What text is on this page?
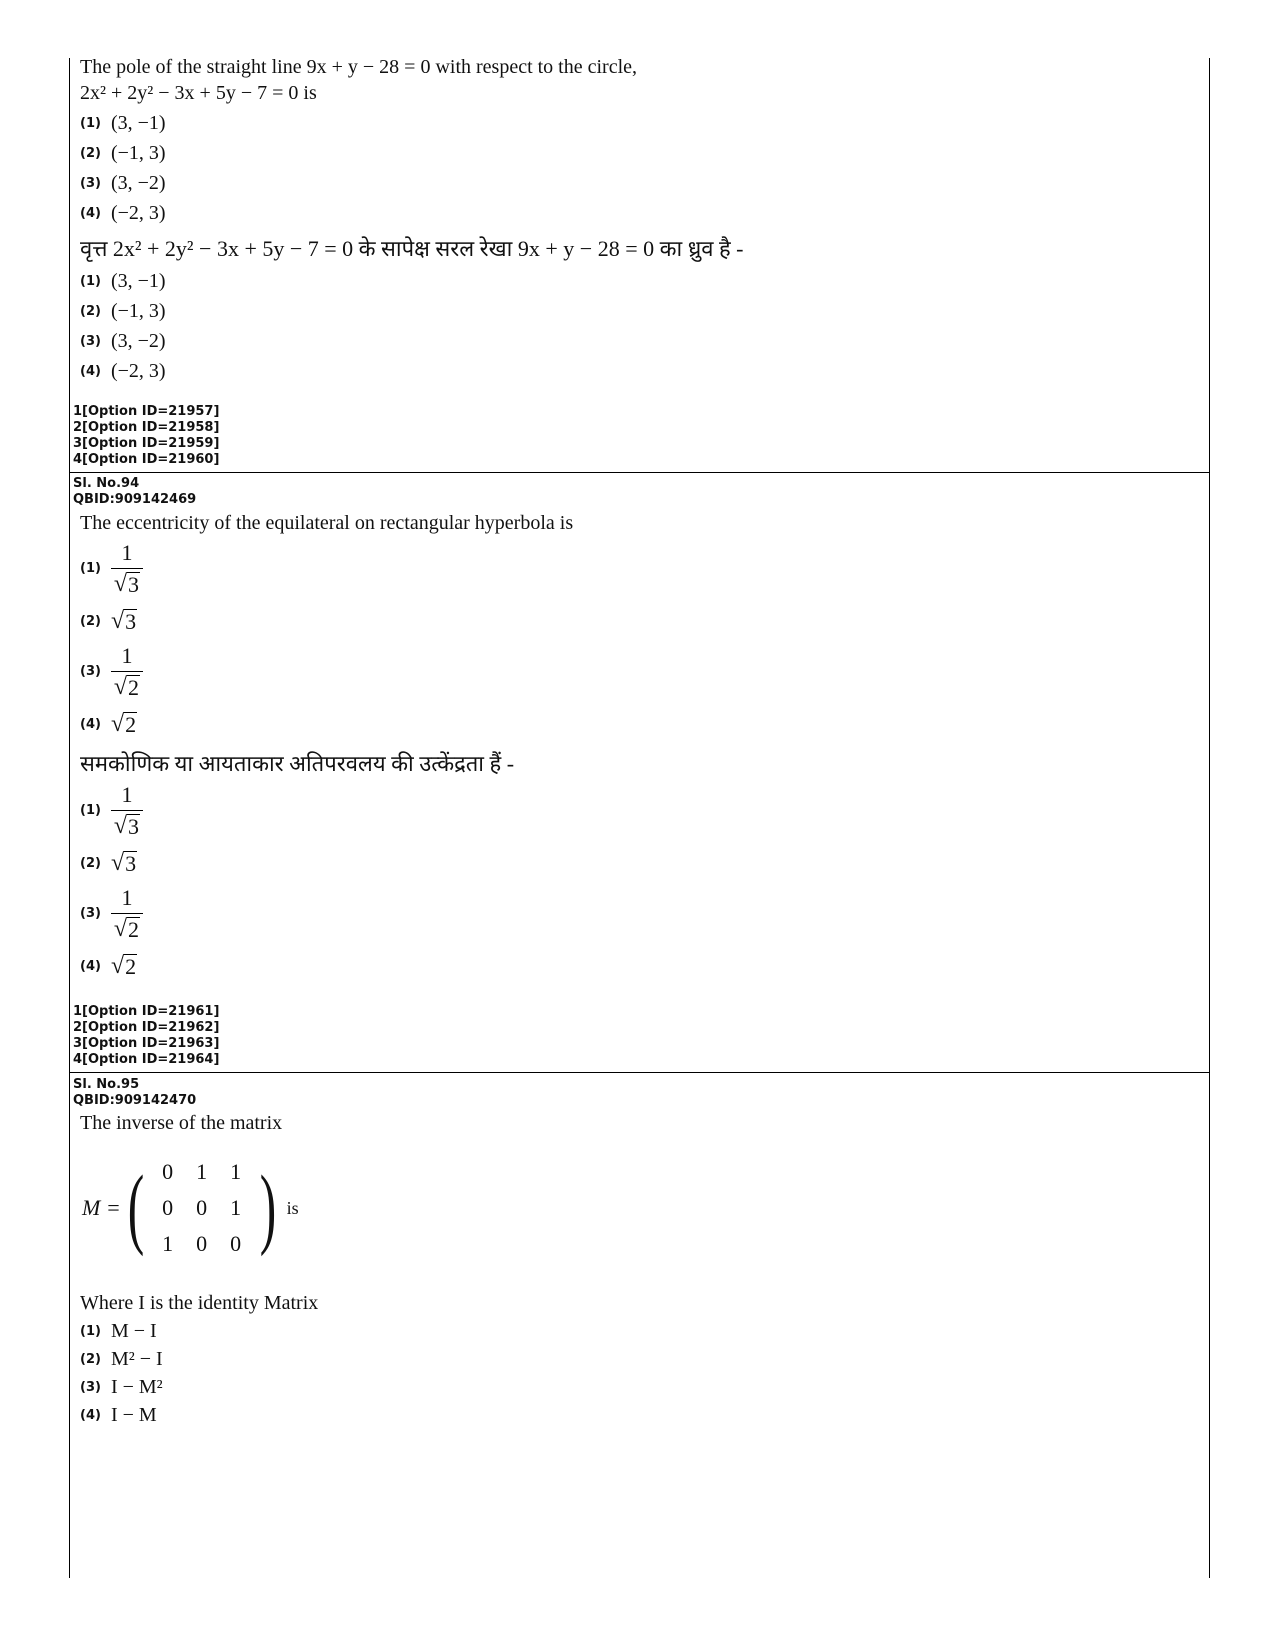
The pole of the straight line 9x + y − 28 = 0 with respect to the circle,
2x² + 2y² − 3x + 5y − 7 = 0 is
(1) (3, −1)
(2) (−1, 3)
(3) (3, −2)
(4) (−2, 3)
वृत्त 2x² + 2y² − 3x + 5y − 7 = 0 के सापेक्ष सरल रेखा 9x + y − 28 = 0 का ध्रुव है -
(1) (3, −1)
(2) (−1, 3)
(3) (3, −2)
(4) (−2, 3)
1[Option ID=21957]
2[Option ID=21958]
3[Option ID=21959]
4[Option ID=21960]
Sl. No.94
QBID:909142469
The eccentricity of the equilateral on rectangular hyperbola is
$(1) \frac{1}{√ 3}$
(2) √ 3
$(3) \frac{1}{√ 2}$
(4) √ 2
समकोणिक या आयताकार अतिपरवलय की उत्केंद्रता हैं -
$(1) \frac{1}{√ 3}$
(2) √ 3
$(3) \frac{1}{√ 2}$
(4) √ 2
1[Option ID=21961]
2[Option ID=21962]
3[Option ID=21963]
4[Option ID=21964]
Sl. No.95
QBID:909142470
The inverse of the matrix
M = ( 0	1	1
0	0	1
1	0	0 ) is
Where I is the identity Matrix
(1) M − I
(2) M² − I
(3) I − M²
(4) I − M
